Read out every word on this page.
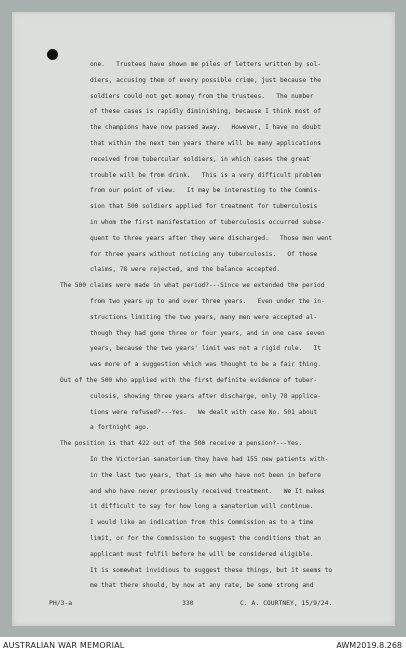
one.   Trustees have shown me piles of letters written by sol-
diers, accusing them of every possible crime, just because the
soldiers could not get money from the trustees.   The number
of these cases is rapidly diminishing, because I think most of
the champions have now passed away.   However, I have no doubt
that within the next ten years there will be many applications
received from tubercular soldiers, in which cases the great
trouble will be from drink.   This is a very difficult problem
from our point of view.   It may be interesting to the Commis-
sion that 500 soldiers applied for treatment for tuberculosis
in whom the first manifestation of tuberculosis occurred subse-
quent to three years after they were discharged.   Those men went
for three years without noticing any tuberculosis.   Of those
claims, 78 were rejected, and the balance accepted.
The 500 claims were made in what period?---Since we extended the period
from two years up to and over three years.   Even under the in-
structions limiting the two years, many men were accepted al-
though they had gone three or four years, and in one case seven
years, because the two years' limit was not a rigid rule.   It
was more of a suggestion which was thought to be a fair thing.
Out of the 500 who applied with the first definite evidence of tuber-
culosis, showing three years after discharge, only 78 applica-
tions were refused?---Yes.   We dealt with case No. 501 about
a fortnight ago.
The position is that 422 out of the 500 receive a pension?---Yes.
In the Victorian sanatorium they have had 155 new patients with-
in the last two years, that is men who have not been in before
and who have never previously received treatment.   We It makes
it difficult to say for how long a sanatorium will continue.
I would like an indication from this Commission as to a time
limit, or for the Commission to suggest the conditions that an
applicant must fulfil before he will be considered eligible.
It is somewhat invidious to suggest these things, but it seems to
me that there should, by now at any rate, be some strong and
PH/3-a	330	C. A. COURTNEY, 15/9/24.
AUSTRALIAN WAR MEMORIAL	AWM2019.8.268
